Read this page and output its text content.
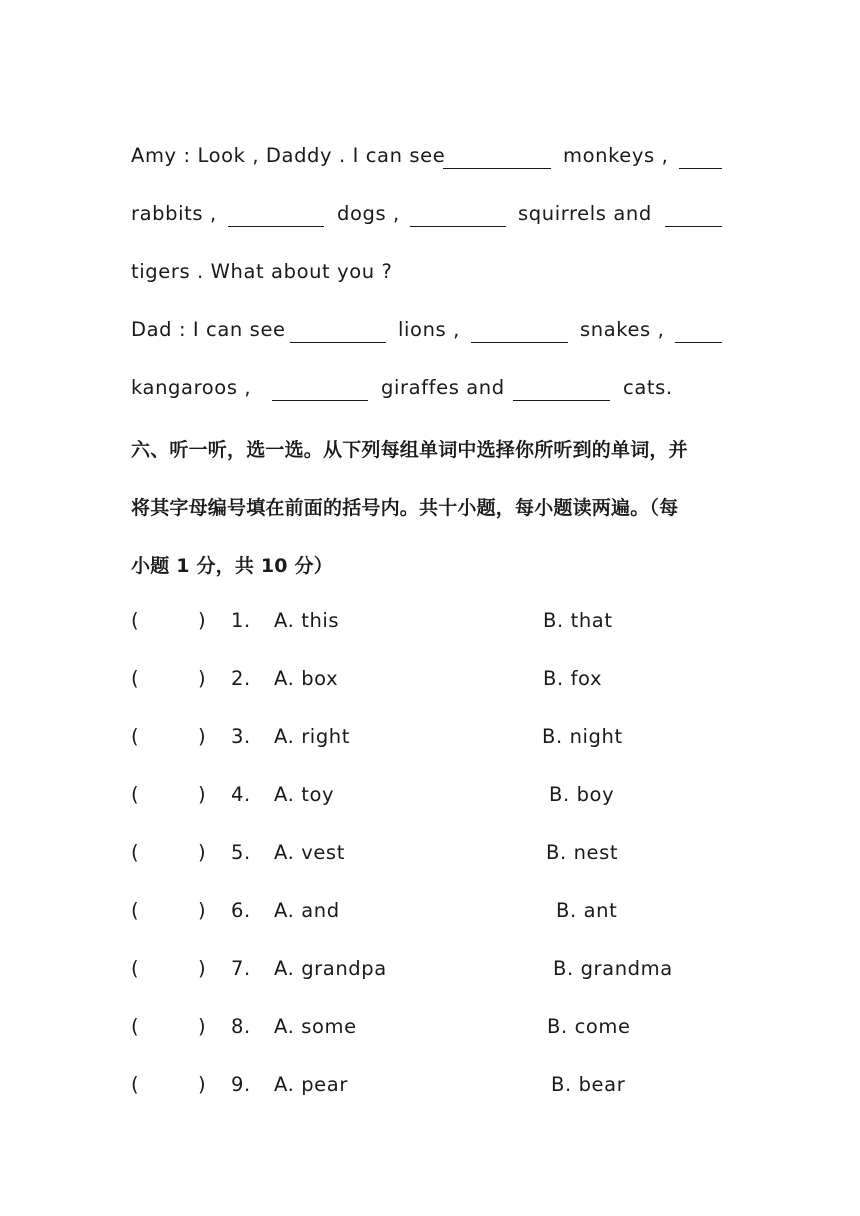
Amy : Look , Daddy . I can see	monkeys ,
rabbits ,	dogs ,	squirrels and
tigers . What about you ?
Dad : I can see	lions ,	snakes ,
kangaroos ,	giraffes and	cats.
六、听一听，选一选。从下列每组单词中选择你所听到的单词，并
将其字母编号填在前面的括号内。共十小题，每小题读两遍。（每
小题 1 分，共 10 分）
(	) 1. A. this	B. that
(	) 2. A. box	B. fox
(	) 3. A. right	B. night
(	) 4. A. toy	B. boy
(	) 5. A. vest	B. nest
(	) 6. A. and	B. ant
(	) 7. A. grandpa	B. grandma
(	) 8. A. some	B. come
(	) 9. A. pear	B. bear
